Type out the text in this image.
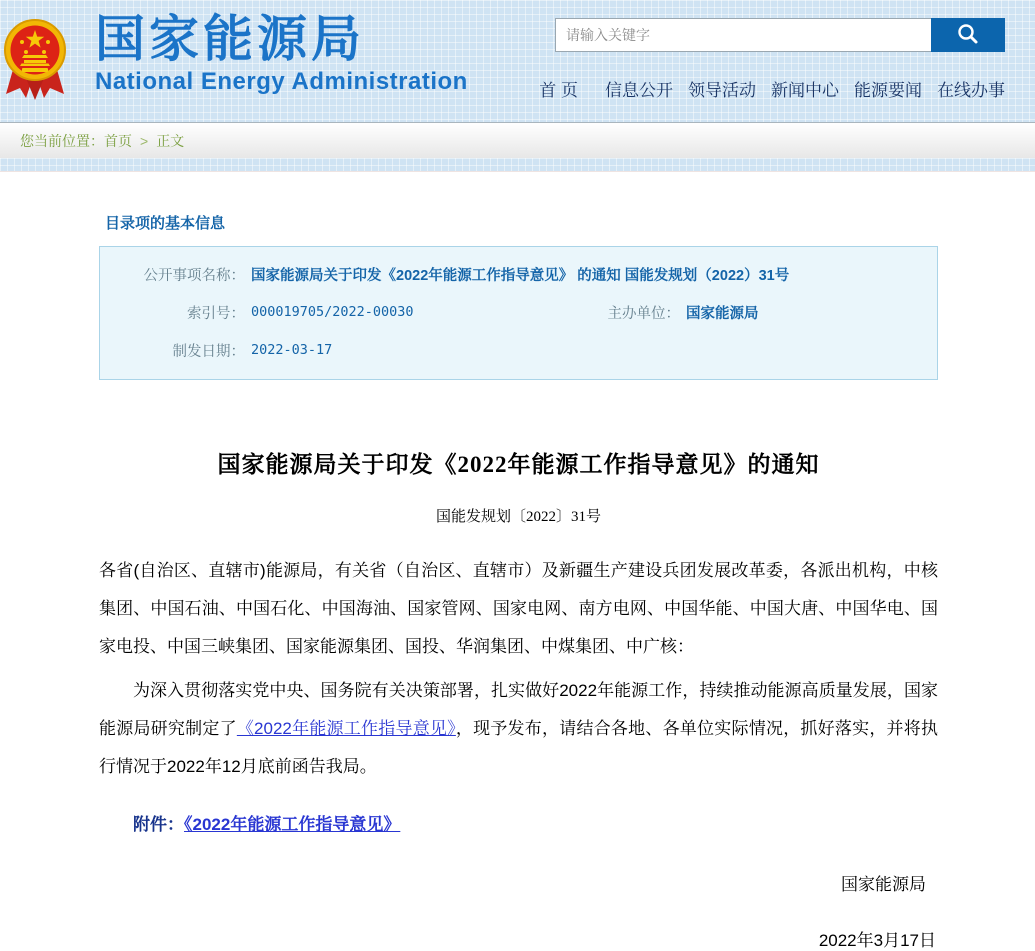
国家能源局
National Energy Administration
请输入关键字	首 页 信息公开 领导活动 新闻中心 能源要闻 在线办事
您当前位置： 首页 > 正文
目录项的基本信息
公开事项名称： 国家能源局关于印发《2022年能源工作指导意见》 的通知 国能发规划（2022）31号
索引号： 000019705/2022-00030	主办单位： 国家能源局
制发日期： 2022-03-17
国家能源局关于印发《2022年能源工作指导意见》的通知
国能发规划〔2022〕31号

各省(自治区、直辖市)能源局，有关省（自治区、直辖市）及新疆生产建设兵团发展改革委，各派出机构，中核集团、中国石油、中国石化、中国海油、国家管网、国家电网、南方电网、中国华能、中国大唐、中国华电、国家电投、中国三峡集团、国家能源集团、国投、华润集团、中煤集团、中广核：

为深入贯彻落实党中央、国务院有关决策部署，扎实做好2022年能源工作，持续推动能源高质量发展，国家能源局研究制定了《2022年能源工作指导意见》，现予发布，请结合各地、各单位实际情况，抓好落实，并将执行情况于2022年12月底前函告我局。

附件：《2022年能源工作指导意见》
国家能源局
2022年3月17日
